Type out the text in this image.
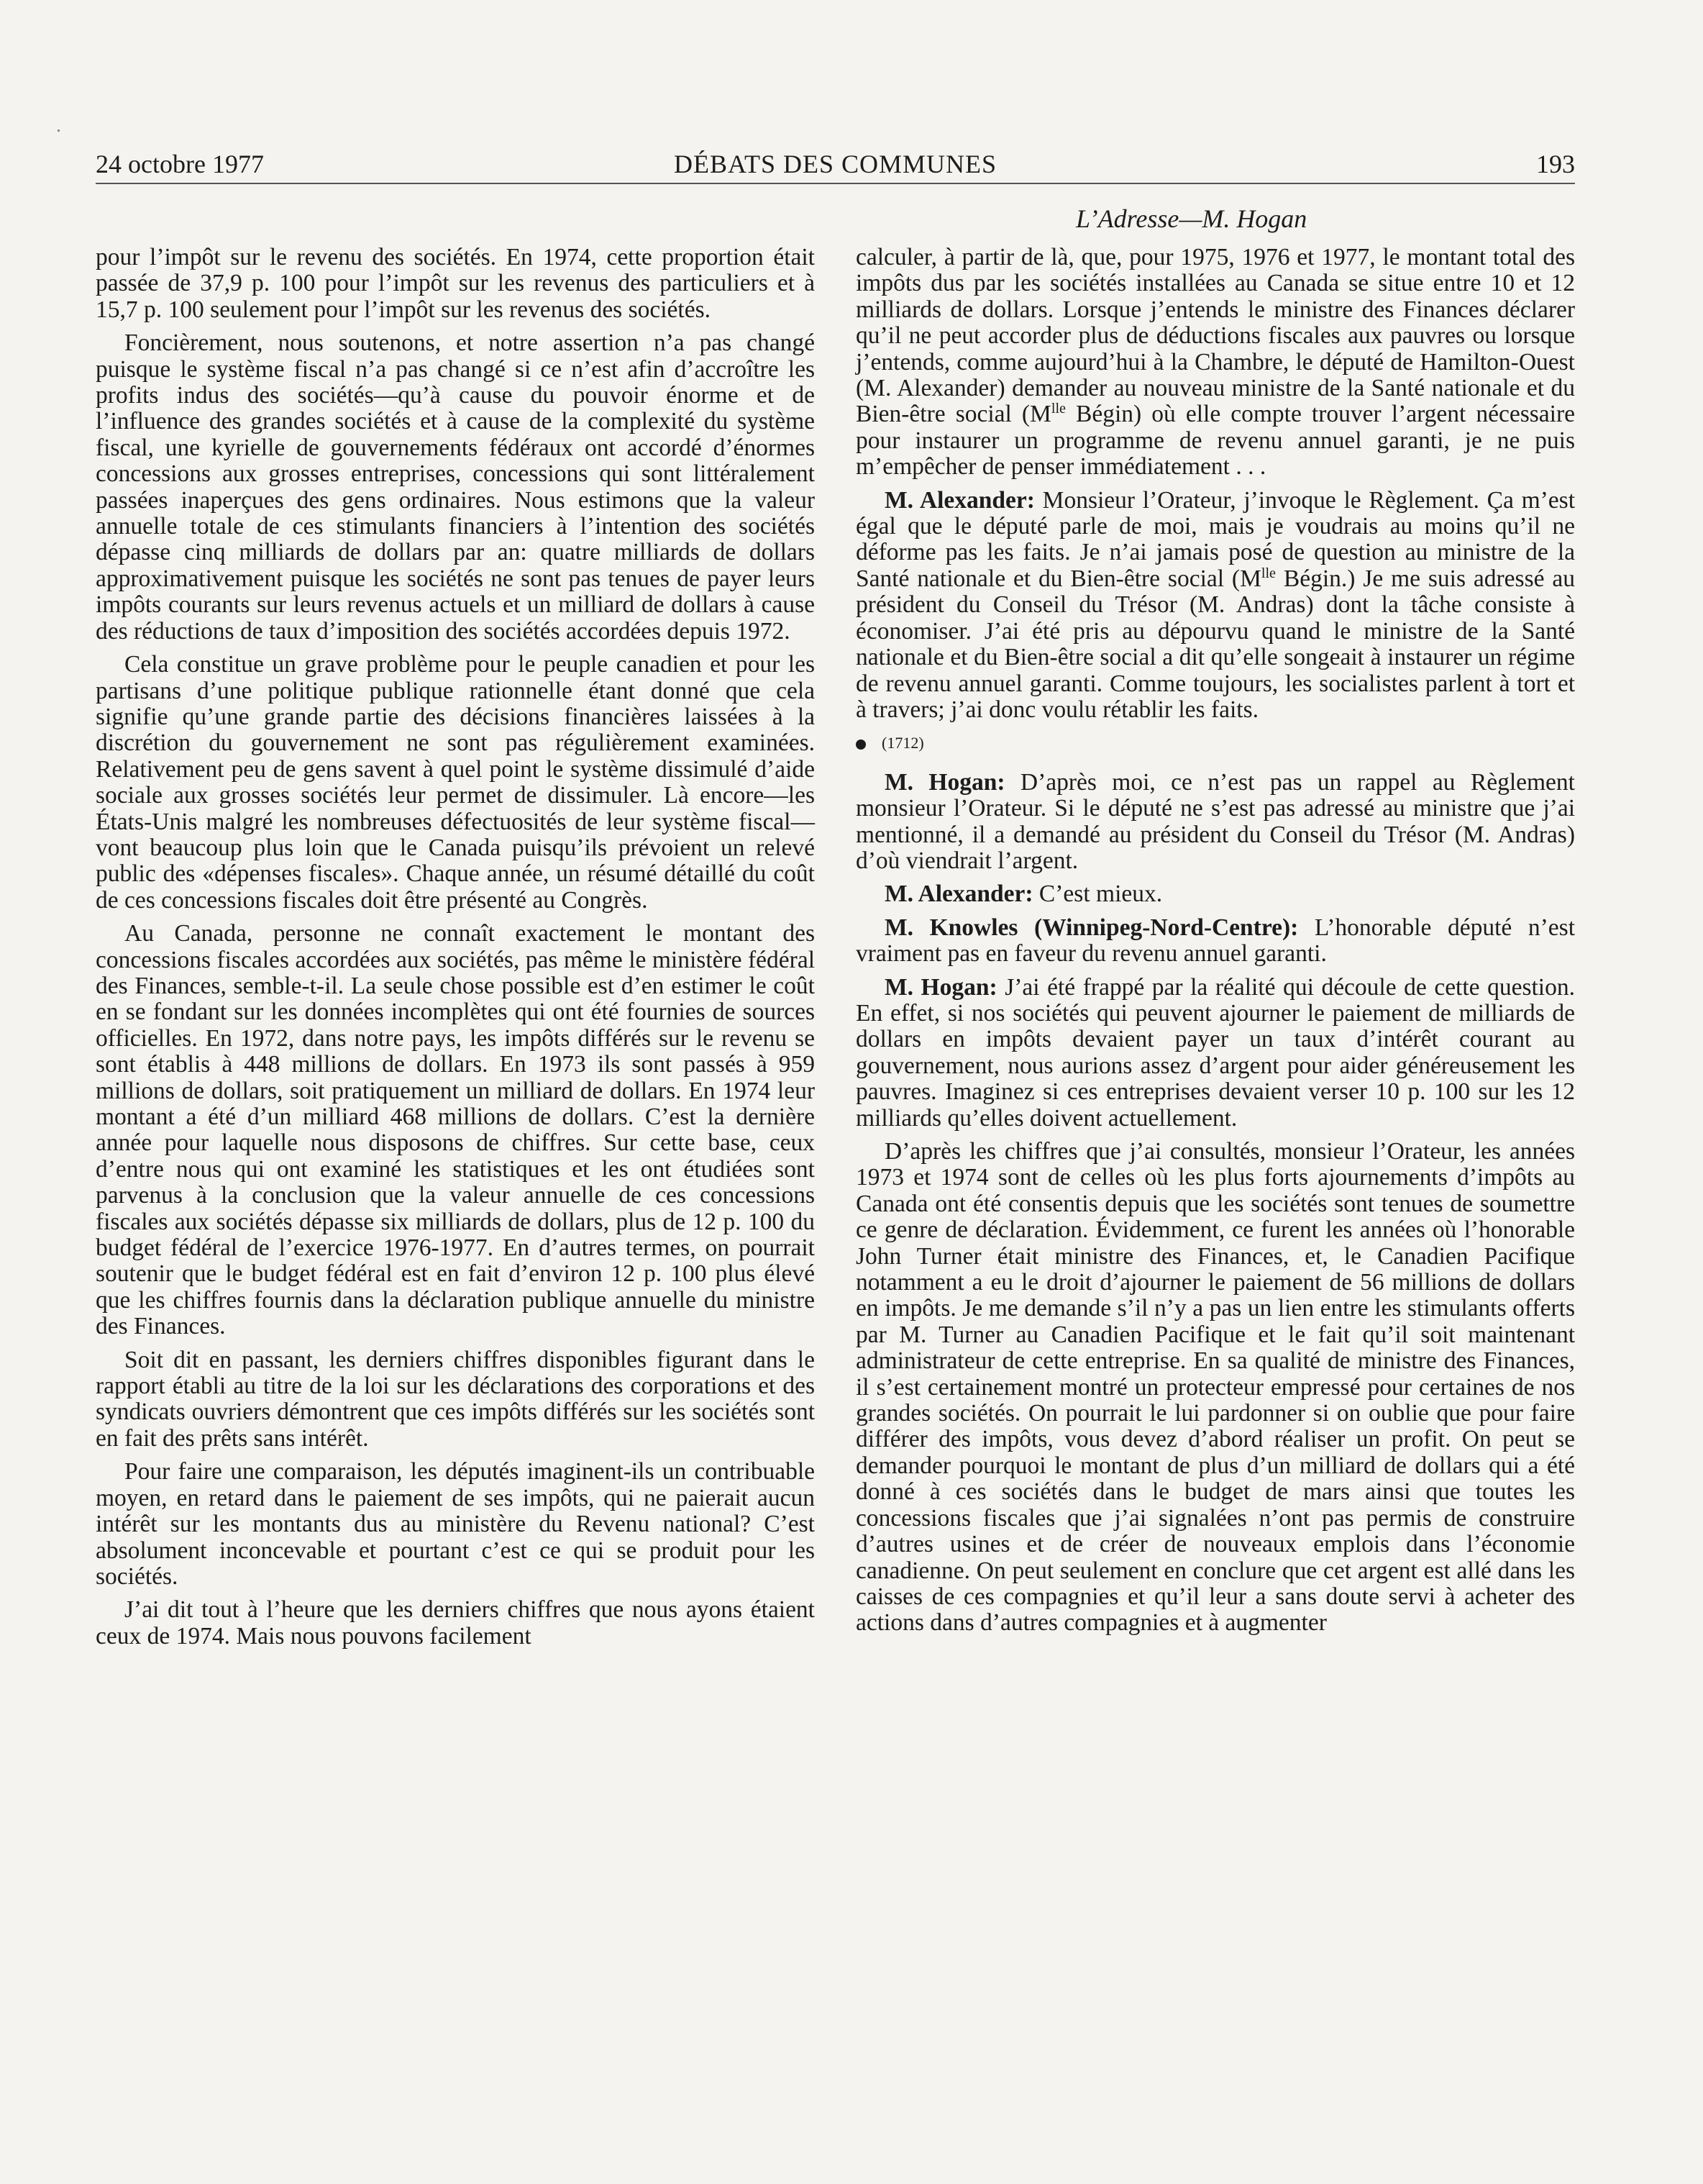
24 octobre 1977	DÉBATS DES COMMUNES	193
L’Adresse—M. Hogan

pour l’impôt sur le revenu des sociétés. En 1974, cette proportion était passée de 37,9 p. 100 pour l’impôt sur les revenus des particuliers et à 15,7 p. 100 seulement pour l’impôt sur les revenus des sociétés.

Foncièrement, nous soutenons, et notre assertion n’a pas changé puisque le système fiscal n’a pas changé si ce n’est afin d’accroître les profits indus des sociétés—qu’à cause du pouvoir énorme et de l’influence des grandes sociétés et à cause de la complexité du système fiscal, une kyrielle de gouvernements fédéraux ont accordé d’énormes concessions aux grosses entreprises, concessions qui sont littéralement passées inaperçues des gens ordinaires. Nous estimons que la valeur annuelle totale de ces stimulants financiers à l’intention des sociétés dépasse cinq milliards de dollars par an: quatre milliards de dollars approximativement puisque les sociétés ne sont pas tenues de payer leurs impôts courants sur leurs revenus actuels et un milliard de dollars à cause des réductions de taux d’imposition des sociétés accordées depuis 1972.

Cela constitue un grave problème pour le peuple canadien et pour les partisans d’une politique publique rationnelle étant donné que cela signifie qu’une grande partie des décisions financières laissées à la discrétion du gouvernement ne sont pas régulièrement examinées. Relativement peu de gens savent à quel point le système dissimulé d’aide sociale aux grosses sociétés leur permet de dissimuler. Là encore—les États-Unis malgré les nombreuses défectuosités de leur système fiscal—vont beaucoup plus loin que le Canada puisqu’ils prévoient un relevé public des «dépenses fiscales». Chaque année, un résumé détaillé du coût de ces concessions fiscales doit être présenté au Congrès.

Au Canada, personne ne connaît exactement le montant des concessions fiscales accordées aux sociétés, pas même le ministère fédéral des Finances, semble-t-il. La seule chose possible est d’en estimer le coût en se fondant sur les données incomplètes qui ont été fournies de sources officielles. En 1972, dans notre pays, les impôts différés sur le revenu se sont établis à 448 millions de dollars. En 1973 ils sont passés à 959 millions de dollars, soit pratiquement un milliard de dollars. En 1974 leur montant a été d’un milliard 468 millions de dollars. C’est la dernière année pour laquelle nous disposons de chiffres. Sur cette base, ceux d’entre nous qui ont examiné les statistiques et les ont étudiées sont parvenus à la conclusion que la valeur annuelle de ces concessions fiscales aux sociétés dépasse six milliards de dollars, plus de 12 p. 100 du budget fédéral de l’exercice 1976-1977. En d’autres termes, on pourrait soutenir que le budget fédéral est en fait d’environ 12 p. 100 plus élevé que les chiffres fournis dans la déclaration publique annuelle du ministre des Finances.

Soit dit en passant, les derniers chiffres disponibles figurant dans le rapport établi au titre de la loi sur les déclarations des corporations et des syndicats ouvriers démontrent que ces impôts différés sur les sociétés sont en fait des prêts sans intérêt.

Pour faire une comparaison, les députés imaginent-ils un contribuable moyen, en retard dans le paiement de ses impôts, qui ne paierait aucun intérêt sur les montants dus au ministère du Revenu national? C’est absolument inconcevable et pourtant c’est ce qui se produit pour les sociétés.

J’ai dit tout à l’heure que les derniers chiffres que nous ayons étaient ceux de 1974. Mais nous pouvons facilement

calculer, à partir de là, que, pour 1975, 1976 et 1977, le montant total des impôts dus par les sociétés installées au Canada se situe entre 10 et 12 milliards de dollars. Lorsque j’entends le ministre des Finances déclarer qu’il ne peut accorder plus de déductions fiscales aux pauvres ou lorsque j’entends, comme aujourd’hui à la Chambre, le député de Hamilton-Ouest (M. Alexander) demander au nouveau ministre de la Santé nationale et du Bien-être social ($M^{lle}$ Bégin) où elle compte trouver l’argent nécessaire pour instaurer un programme de revenu annuel garanti, je ne puis m’empêcher de penser immédiatement . . .

M. Alexander: Monsieur l’Orateur, j’invoque le Règlement. Ça m’est égal que le député parle de moi, mais je voudrais au moins qu’il ne déforme pas les faits. Je n’ai jamais posé de question au ministre de la Santé nationale et du Bien-être social ($M^{lle}$ Bégin.) Je me suis adressé au président du Conseil du Trésor (M. Andras) dont la tâche consiste à économiser. J’ai été pris au dépourvu quand le ministre de la Santé nationale et du Bien-être social a dit qu’elle songeait à instaurer un régime de revenu annuel garanti. Comme toujours, les socialistes parlent à tort et à travers; j’ai donc voulu rétablir les faits.

(1712)

M. Hogan: D’après moi, ce n’est pas un rappel au Règlement monsieur l’Orateur. Si le député ne s’est pas adressé au ministre que j’ai mentionné, il a demandé au président du Conseil du Trésor (M. Andras) d’où viendrait l’argent.

M. Alexander: C’est mieux.

M. Knowles (Winnipeg-Nord-Centre): L’honorable député n’est vraiment pas en faveur du revenu annuel garanti.

M. Hogan: J’ai été frappé par la réalité qui découle de cette question. En effet, si nos sociétés qui peuvent ajourner le paiement de milliards de dollars en impôts devaient payer un taux d’intérêt courant au gouvernement, nous aurions assez d’argent pour aider généreusement les pauvres. Imaginez si ces entreprises devaient verser 10 p. 100 sur les 12 milliards qu’elles doivent actuellement.

D’après les chiffres que j’ai consultés, monsieur l’Orateur, les années 1973 et 1974 sont de celles où les plus forts ajournements d’impôts au Canada ont été consentis depuis que les sociétés sont tenues de soumettre ce genre de déclaration. Évidemment, ce furent les années où l’honorable John Turner était ministre des Finances, et, le Canadien Pacifique notamment a eu le droit d’ajourner le paiement de 56 millions de dollars en impôts. Je me demande s’il n’y a pas un lien entre les stimulants offerts par M. Turner au Canadien Pacifique et le fait qu’il soit maintenant administrateur de cette entreprise. En sa qualité de ministre des Finances, il s’est certainement montré un protecteur empressé pour certaines de nos grandes sociétés. On pourrait le lui pardonner si on oublie que pour faire différer des impôts, vous devez d’abord réaliser un profit. On peut se demander pourquoi le montant de plus d’un milliard de dollars qui a été donné à ces sociétés dans le budget de mars ainsi que toutes les concessions fiscales que j’ai signalées n’ont pas permis de construire d’autres usines et de créer de nouveaux emplois dans l’économie canadienne. On peut seulement en conclure que cet argent est allé dans les caisses de ces compagnies et qu’il leur a sans doute servi à acheter des actions dans d’autres compagnies et à augmenter
